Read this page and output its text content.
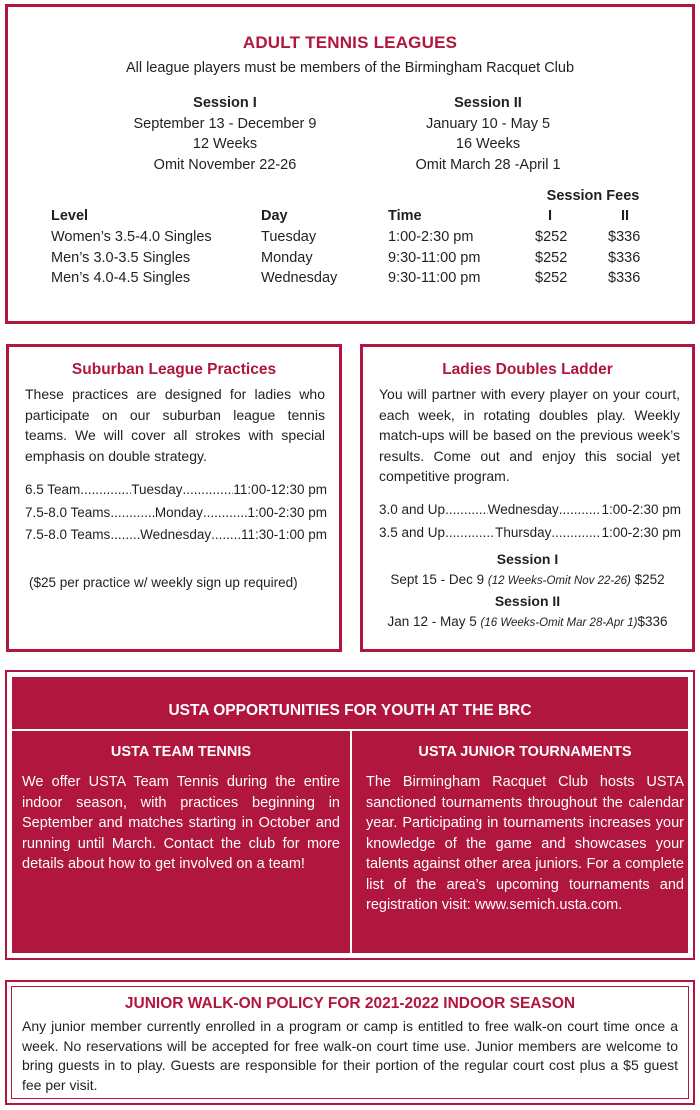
ADULT TENNIS LEAGUES
All league players must be members of the Birmingham Racquet Club
Session I
September 13 - December 9
12 Weeks
Omit November 22-26
Session II
January 10 - May 5
16 Weeks
Omit March 28 -April 1
Session Fees
Level	Day	Time	I	II
Women’s 3.5-4.0 Singles	Tuesday	1:00-2:30 pm	$252	$336
Men’s 3.0-3.5 Singles	Monday	9:30-11:00 pm	$252	$336
Men’s 4.0-4.5 Singles	Wednesday	9:30-11:00 pm	$252	$336
Suburban League Practices
These practices are designed for ladies who participate on our suburban league tennis teams. We will cover all strokes with special emphasis on double strategy.
6.5 Team .....	Tuesday .....	11:00-12:30 pm
7.5-8.0 Teams .....	Monday .....	1:00-2:30 pm
7.5-8.0 Teams ..... Wednesday ..... 11:30-1:00 pm
($25 per practice w/ weekly sign up required)
Ladies Doubles Ladder
You will partner with every player on your court, each week, in rotating doubles play. Weekly match-ups will be based on the previous week’s results. Come out and enjoy this social yet competitive program.
3.0 and Up .....	Wednesday .....	1:00-2:30 pm
3.5 and Up .....	Thursday .....	1:00-2:30 pm
Session I
Sept 15 - Dec 9 (12 Weeks-Omit Nov 22-26) $252
Session II
Jan 12 - May 5 (16 Weeks-Omit Mar 28-Apr 1)$336
USTA OPPORTUNITIES FOR YOUTH AT THE BRC
USTA TEAM TENNIS
We offer USTA Team Tennis during the entire indoor season, with practices beginning in September and matches starting in October and running until March. Contact the club for more details about how to get involved on a team!
USTA JUNIOR TOURNAMENTS
The Birmingham Racquet Club hosts USTA sanctioned tournaments throughout the calendar year. Participating in tournaments increases your knowledge of the game and showcases your talents against other area juniors. For a complete list of the area’s upcoming tournaments and registration visit: www.semich.usta.com.
JUNIOR WALK-ON POLICY FOR 2021-2022 INDOOR SEASON
Any junior member currently enrolled in a program or camp is entitled to free walk-on court time once a week. No reservations will be accepted for free walk-on court time use. Junior members are welcome to bring guests in to play. Guests are responsible for their portion of the regular court cost plus a $5 guest fee per visit.
